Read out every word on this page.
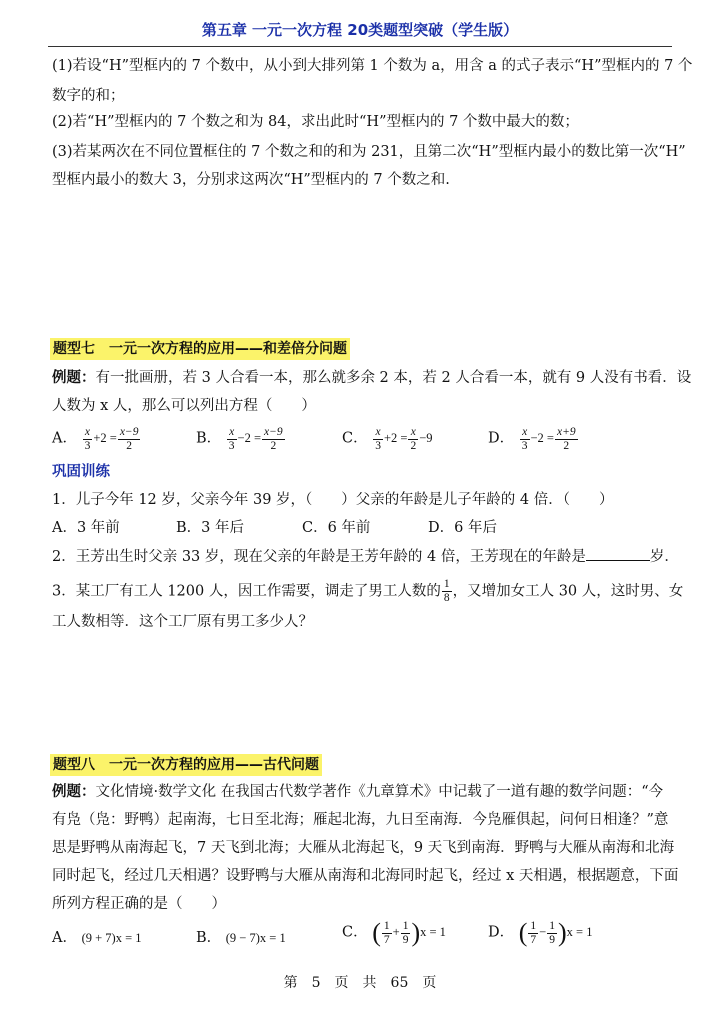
第五章 一元一次方程 20类题型突破（学生版）
(1)若设“H”型框内的 7 个数中，从小到大排列第 1 个数为 a，用含 a 的式子表示“H”型框内的 7 个
数字的和；
(2)若“H”型框内的 7 个数之和为 84，求出此时“H”型框内的 7 个数中最大的数；
(3)若某两次在不同位置框住的 7 个数之和的和为 231，且第二次“H”型框内最小的数比第一次“H”
型框内最小的数大 3，分别求这两次“H”型框内的 7 个数之和.
题型七　一元一次方程的应用——和差倍分问题
例题：有一批画册，若 3 人合看一本，那么就多余 2 本，若 2 人合看一本，就有 9 人没有书看．设
人数为 x 人，那么可以列出方程（　　）
A． $\frac{x}{3} +2 = \frac{x-9}{2}$	B． $\frac{x}{3} -2 = \frac{x-9}{2}$	C． $\frac{x}{3} +2 = \frac{x}{2} -9$	D． $\frac{x}{3} -2 = \frac{x+9}{2}$
巩固训练
1．儿子今年 12 岁，父亲今年 39 岁，（　　）父亲的年龄是儿子年龄的 4 倍．（　　）
A．3 年前	B．3 年后	C．6 年前	D．6 年后
2．王芳出生时父亲 33 岁，现在父亲的年龄是王芳年龄的 4 倍，王芳现在的年龄是	岁．
3．某工厂有工人 1200 人，因工作需要，调走了男工人数的 $\frac{1}{8}$ ，又增加女工人 30 人，这时男、女
工人数相等．这个工厂原有男工多少人？
题型八　一元一次方程的应用——古代问题
例题：文化情境·数学文化 在我国古代数学著作《九章算术》中记载了一道有趣的数学问题：“今
有凫（凫：野鸭）起南海，七日至北海；雁起北海，九日至南海．今凫雁俱起，问何日相逢？”意
思是野鸭从南海起飞，7 天飞到北海；大雁从北海起飞，9 天飞到南海．野鸭与大雁从南海和北海
同时起飞，经过几天相遇？设野鸭与大雁从南海和北海同时起飞，经过 x 天相遇，根据题意，下面
所列方程正确的是（　　）
A． (9 + 7)x = 1	B． (9 − 7)x = 1	C． ( $\frac{1}{7} + \frac{1}{9} )x = 1$	D． ( $\frac{1}{7} - \frac{1}{9} )x = 1$
第　5　页　共　65　页
